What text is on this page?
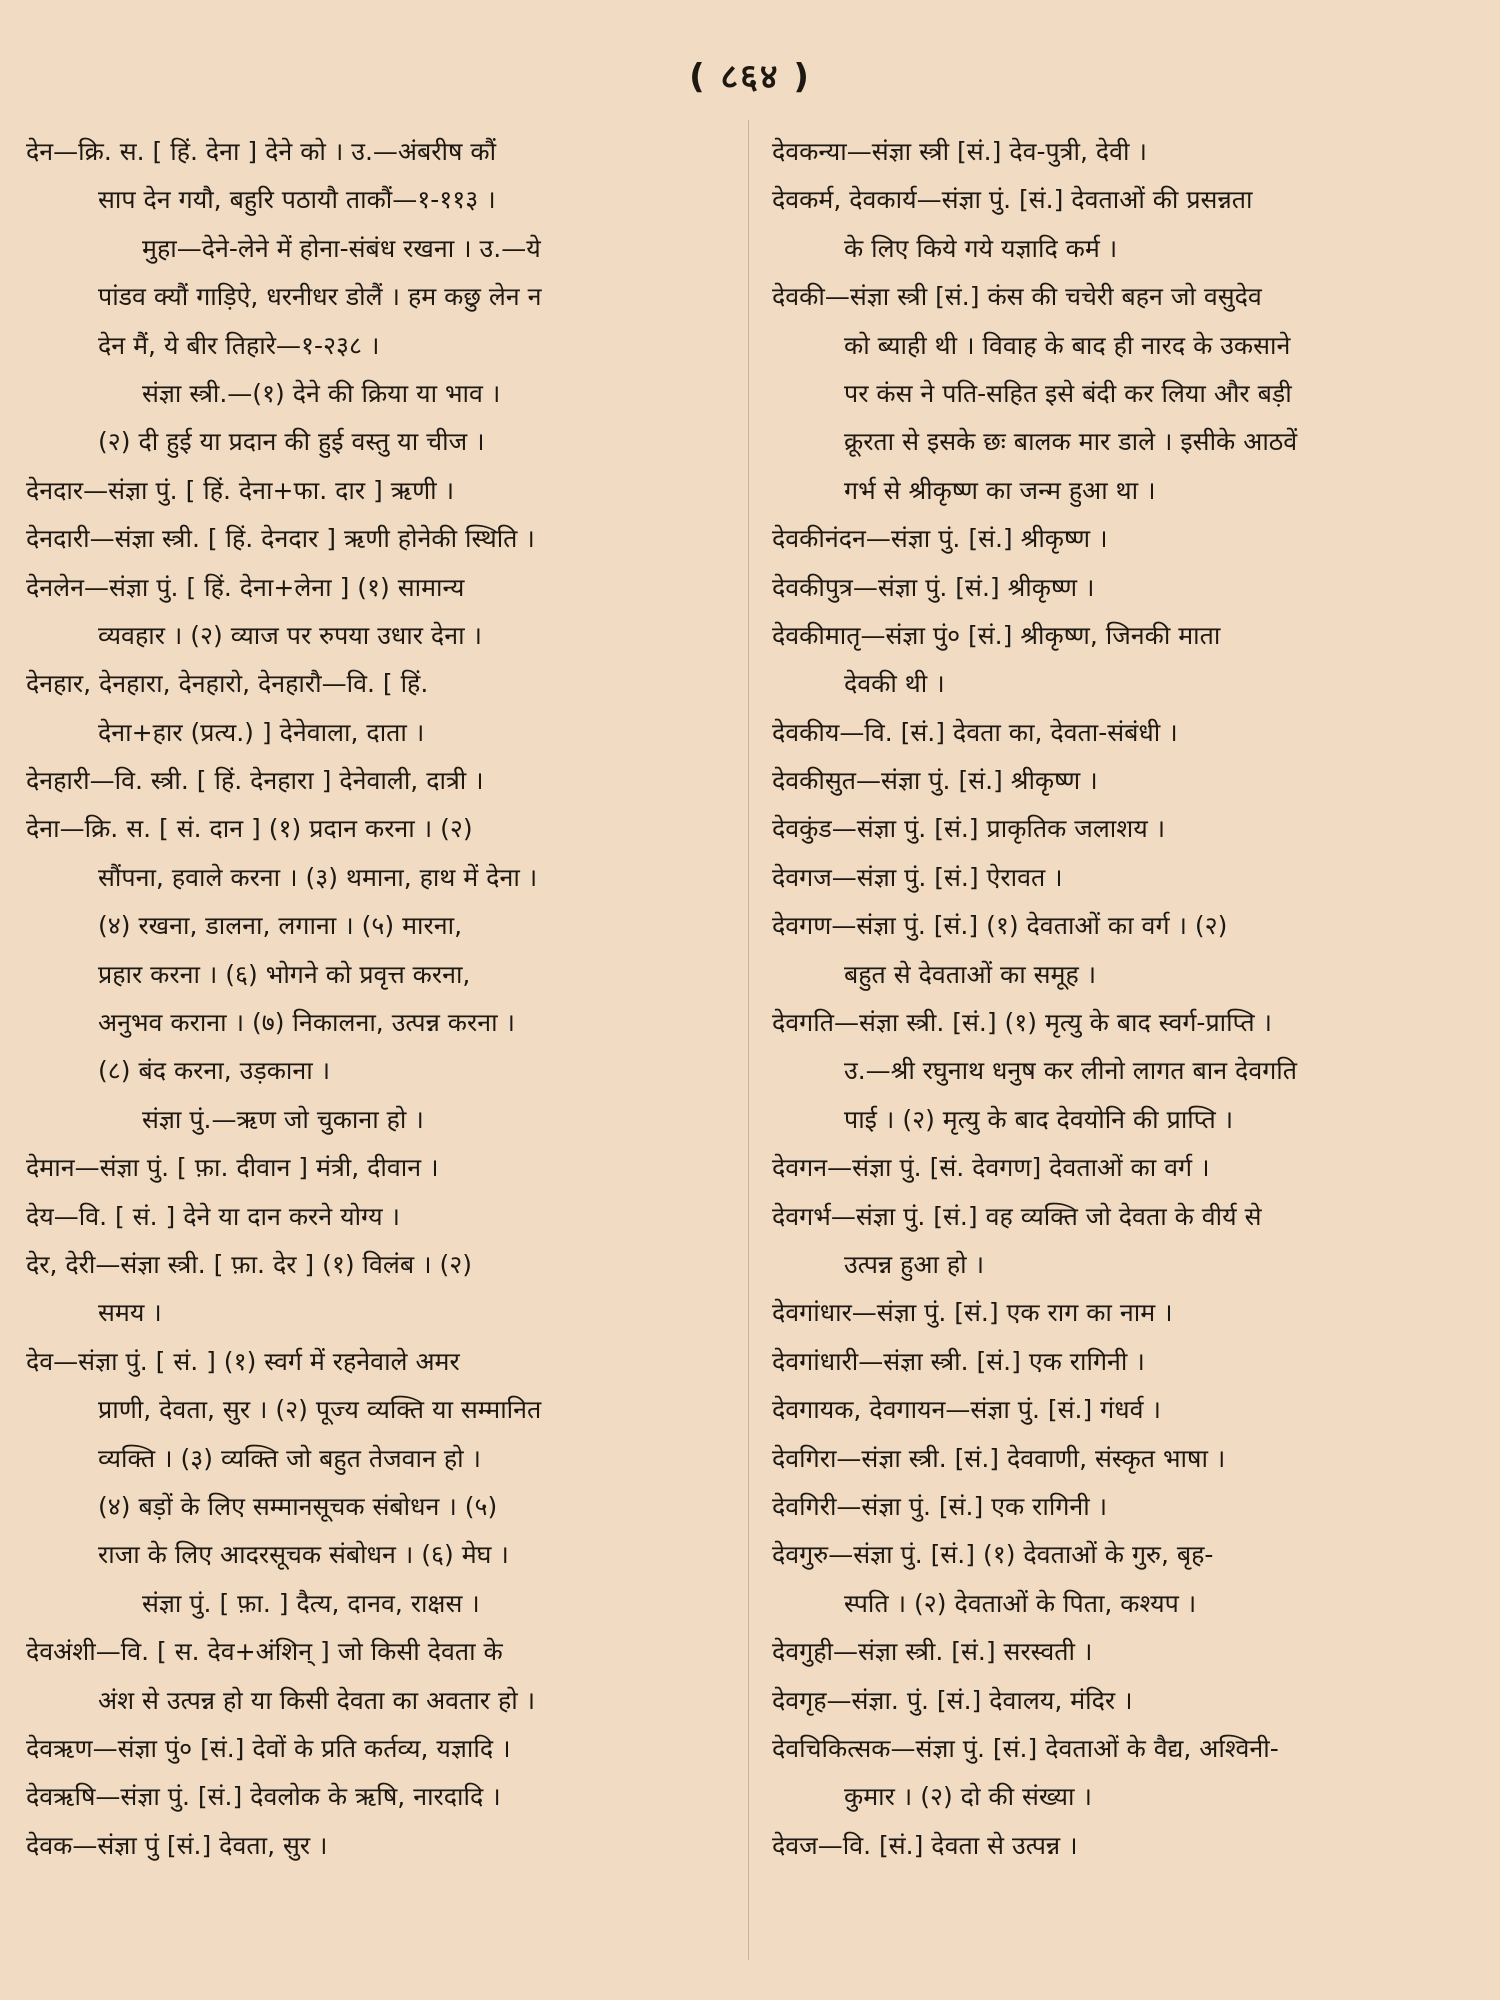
( ८६४ )
देन—क्रि. स. [ हिं. देना ] देने को । उ.—अंबरीष कौं
साप देन गयौ, बहुरि पठायौ ताकौं—१-११३ ।
मुहा—देने-लेने में होना-संबंध रखना । उ.—ये
पांडव क्यौं गाड़िऐ, धरनीधर डोलैं । हम कछु लेन न
देन मैं, ये बीर तिहारे—१-२३८ ।
संज्ञा स्त्री.—(१) देने की क्रिया या भाव ।
(२) दी हुई या प्रदान की हुई वस्तु या चीज ।
देनदार—संज्ञा पुं. [ हिं. देना+फा. दार ] ऋणी ।
देनदारी—संज्ञा स्त्री. [ हिं. देनदार ] ऋणी होनेकी स्थिति ।
देनलेन—संज्ञा पुं. [ हिं. देना+लेना ] (१) सामान्य
व्यवहार । (२) व्याज पर रुपया उधार देना ।
देनहार, देनहारा, देनहारो, देनहारौ—वि. [ हिं.
देना+हार (प्रत्य.) ] देनेवाला, दाता ।
देनहारी—वि. स्त्री. [ हिं. देनहारा ] देनेवाली, दात्री ।
देना—क्रि. स. [ सं. दान ] (१) प्रदान करना । (२)
सौंपना, हवाले करना । (३) थमाना, हाथ में देना ।
(४) रखना, डालना, लगाना । (५) मारना,
प्रहार करना । (६) भोगने को प्रवृत्त करना,
अनुभव कराना । (७) निकालना, उत्पन्न करना ।
(८) बंद करना, उड़काना ।
संज्ञा पुं.—ऋण जो चुकाना हो ।
देमान—संज्ञा पुं. [ फ़ा. दीवान ] मंत्री, दीवान ।
देय—वि. [ सं. ] देने या दान करने योग्य ।
देर, देरी—संज्ञा स्त्री. [ फ़ा. देर ] (१) विलंब । (२)
समय ।
देव—संज्ञा पुं. [ सं. ] (१) स्वर्ग में रहनेवाले अमर
प्राणी, देवता, सुर । (२) पूज्य व्यक्ति या सम्मानित
व्यक्ति । (३) व्यक्ति जो बहुत तेजवान हो ।
(४) बड़ों के लिए सम्मानसूचक संबोधन । (५)
राजा के लिए आदरसूचक संबोधन । (६) मेघ ।
संज्ञा पुं. [ फ़ा. ] दैत्य, दानव, राक्षस ।
देवअंशी—वि. [ स. देव+अंशिन् ] जो किसी देवता के
अंश से उत्पन्न हो या किसी देवता का अवतार हो ।
देवऋण—संज्ञा पुं० [सं.] देवों के प्रति कर्तव्य, यज्ञादि ।
देवऋषि—संज्ञा पुं. [सं.] देवलोक के ऋषि, नारदादि ।
देवक—संज्ञा पुं [सं.] देवता, सुर ।
देवकन्या—संज्ञा स्त्री [सं.] देव-पुत्री, देवी ।
देवकर्म, देवकार्य—संज्ञा पुं. [सं.] देवताओं की प्रसन्नता
के लिए किये गये यज्ञादि कर्म ।
देवकी—संज्ञा स्त्री [सं.] कंस की चचेरी बहन जो वसुदेव
को ब्याही थी । विवाह के बाद ही नारद के उकसाने
पर कंस ने पति-सहित इसे बंदी कर लिया और बड़ी
क्रूरता से इसके छः बालक मार डाले । इसीके आठवें
गर्भ से श्रीकृष्ण का जन्म हुआ था ।
देवकीनंदन—संज्ञा पुं. [सं.] श्रीकृष्ण ।
देवकीपुत्र—संज्ञा पुं. [सं.] श्रीकृष्ण ।
देवकीमातृ—संज्ञा पुं० [सं.] श्रीकृष्ण, जिनकी माता
देवकी थी ।
देवकीय—वि. [सं.] देवता का, देवता-संबंधी ।
देवकीसुत—संज्ञा पुं. [सं.] श्रीकृष्ण ।
देवकुंड—संज्ञा पुं. [सं.] प्राकृतिक जलाशय ।
देवगज—संज्ञा पुं. [सं.] ऐरावत ।
देवगण—संज्ञा पुं. [सं.] (१) देवताओं का वर्ग । (२)
बहुत से देवताओं का समूह ।
देवगति—संज्ञा स्त्री. [सं.] (१) मृत्यु के बाद स्वर्ग-प्राप्ति ।
उ.—श्री रघुनाथ धनुष कर लीनो लागत बान देवगति
पाई । (२) मृत्यु के बाद देवयोनि की प्राप्ति ।
देवगन—संज्ञा पुं. [सं. देवगण] देवताओं का वर्ग ।
देवगर्भ—संज्ञा पुं. [सं.] वह व्यक्ति जो देवता के वीर्य से
उत्पन्न हुआ हो ।
देवगांधार—संज्ञा पुं. [सं.] एक राग का नाम ।
देवगांधारी—संज्ञा स्त्री. [सं.] एक रागिनी ।
देवगायक, देवगायन—संज्ञा पुं. [सं.] गंधर्व ।
देवगिरा—संज्ञा स्त्री. [सं.] देववाणी, संस्कृत भाषा ।
देवगिरी—संज्ञा पुं. [सं.] एक रागिनी ।
देवगुरु—संज्ञा पुं. [सं.] (१) देवताओं के गुरु, बृह-
स्पति । (२) देवताओं के पिता, कश्यप ।
देवगुही—संज्ञा स्त्री. [सं.] सरस्वती ।
देवगृह—संज्ञा. पुं. [सं.] देवालय, मंदिर ।
देवचिकित्सक—संज्ञा पुं. [सं.] देवताओं के वैद्य, अश्विनी-
कुमार । (२) दो की संख्या ।
देवज—वि. [सं.] देवता से उत्पन्न ।
